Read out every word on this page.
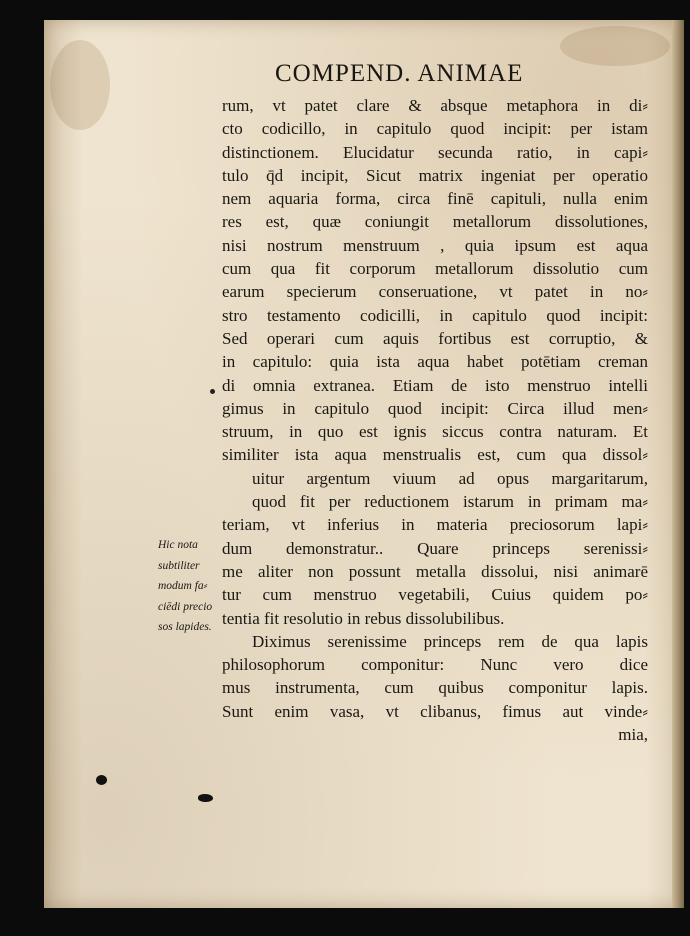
COMPEND. ANIMAE
rum, vt patet clare & absque metaphora in di⸗
cto codicillo, in capitulo quod incipit: per istam
distinctionem. Elucidatur secunda ratio, in capi⸗
tulo q̄d incipit, Sicut matrix ingeniat per operatio
nem aquaria forma, circa finē capituli, nulla enim
res est, quæ coniungit metallorum dissolutiones,
nisi nostrum menstruum , quia ipsum est aqua
cum qua fit corporum metallorum dissolutio cum
earum specierum conseruatione, vt patet in no⸗
stro testamento codicilli, in capitulo quod incipit:
Sed operari cum aquis fortibus est corruptio, &
in capitulo: quia ista aqua habet potētiam creman
di omnia extranea. Etiam de isto menstruo intelli
gimus in capitulo quod incipit: Circa illud men⸗
struum, in quo est ignis siccus contra naturam. Et
similiter ista aqua menstrualis est, cum qua dissol⸗
uitur argentum viuum ad opus margaritarum,
quod fit per reductionem istarum in primam ma⸗
teriam, vt inferius in materia preciosorum lapi⸗
dum demonstratur.. Quare princeps serenissi⸗
me aliter non possunt metalla dissolui, nisi animarē
tur cum menstruo vegetabili, Cuius quidem po⸗
tentia fit resolutio in rebus dissolubilibus.
Diximus serenissime princeps rem de qua lapis
philosophorum componitur: Nunc vero dice
mus instrumenta, cum quibus componitur lapis.
Sunt enim vasa, vt clibanus, fimus aut vinde⸗
mia,
Hic nota
subtiliter
modum fa⸗
ciēdi precio
sos lapides.
